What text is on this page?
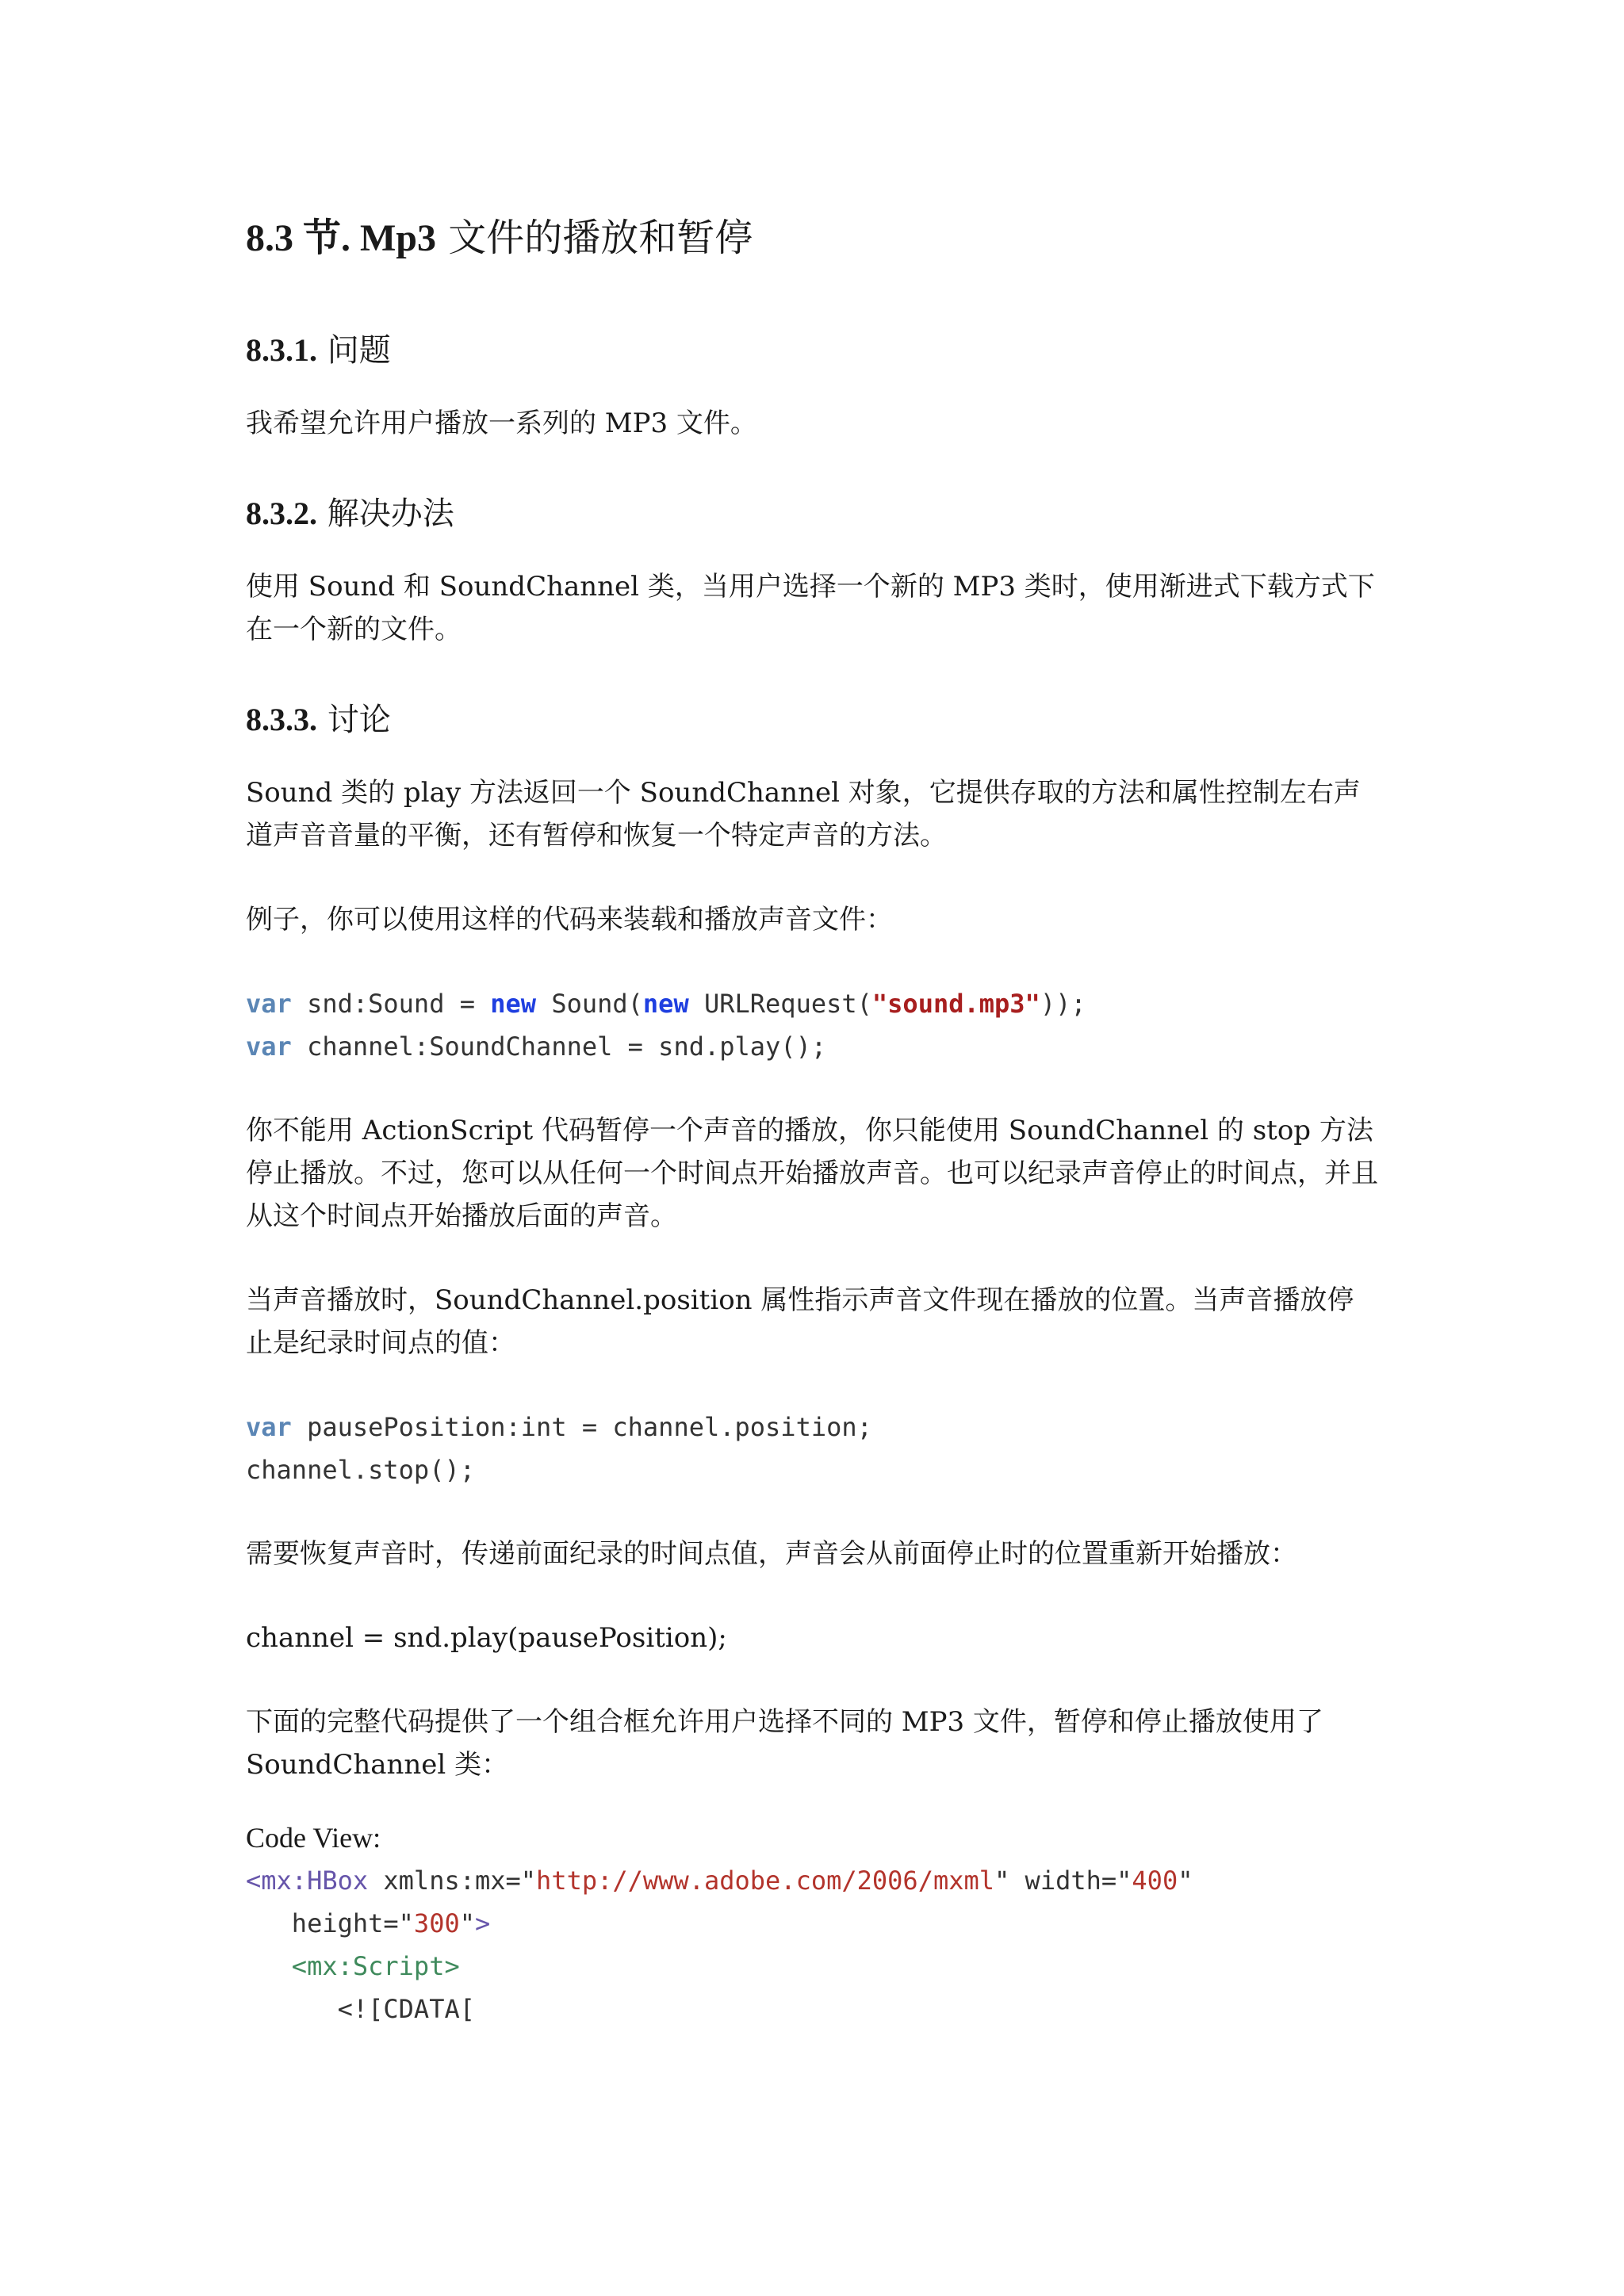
8.3 节. Mp3 文件的播放和暂停
8.3.1. 问题
我希望允许用户播放一系列的 MP3 文件。
8.3.2. 解决办法
使用 Sound 和 SoundChannel 类，当用户选择一个新的 MP3 类时，使用渐进式下载方式下在一个新的文件。
8.3.3. 讨论
Sound 类的 play 方法返回一个 SoundChannel 对象，它提供存取的方法和属性控制左右声道声音音量的平衡，还有暂停和恢复一个特定声音的方法。
例子，你可以使用这样的代码来装载和播放声音文件：
var snd:Sound = new Sound(new URLRequest("sound.mp3"));
var channel:SoundChannel = snd.play();
你不能用 ActionScript 代码暂停一个声音的播放，你只能使用 SoundChannel 的 stop 方法停止播放。不过，您可以从任何一个时间点开始播放声音。也可以纪录声音停止的时间点，并且从这个时间点开始播放后面的声音。
当声音播放时，SoundChannel.position 属性指示声音文件现在播放的位置。当声音播放停止是纪录时间点的值：
var pausePosition:int = channel.position;
channel.stop();
需要恢复声音时，传递前面纪录的时间点值，声音会从前面停止时的位置重新开始播放：
channel = snd.play(pausePosition);
下面的完整代码提供了一个组合框允许用户选择不同的 MP3 文件，暂停和停止播放使用了 SoundChannel 类：
Code View:
<mx:HBox xmlns:mx="http://www.adobe.com/2006/mxml" width="400"
height="300">
<mx:Script>
<![CDATA[
